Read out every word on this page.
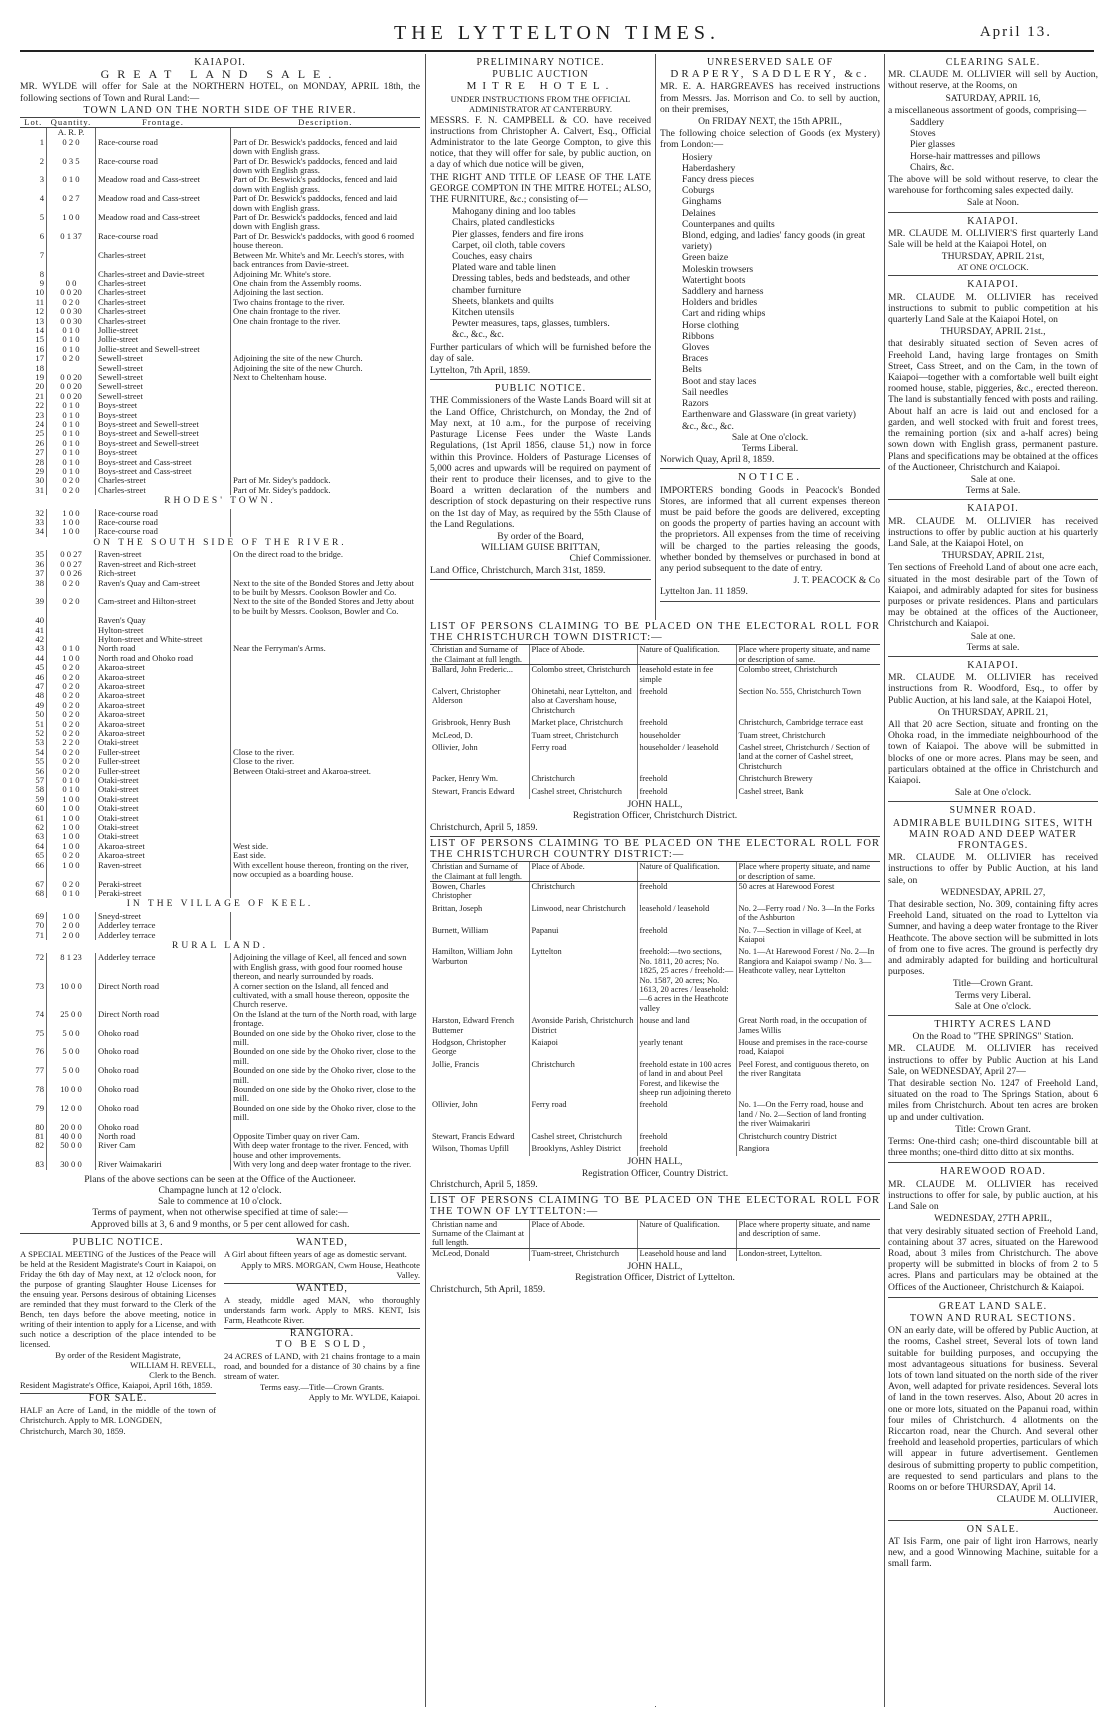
THE LYTTELTON TIMES.	April 13.
KAIAPOI.
GREAT LAND SALE.

MR. WYLDE will offer for Sale at the NORTHERN HOTEL, on MONDAY, APRIL 18th, the following sections of Town and Rural Land:—

TOWN LAND ON THE NORTH SIDE OF THE RIVER.
Lot.	Quantity.	Frontage.	Description.
	A. R. P.		
1	0 2 0	Race-course road	Part of Dr. Beswick's paddocks, fenced and laid down with English grass.
2	0 3 5	Race-course road	Part of Dr. Beswick's paddocks, fenced and laid down with English grass.
3	0 1 0	Meadow road and Cass-street	Part of Dr. Beswick's paddocks, fenced and laid down with English grass.
4	0 2 7	Meadow road and Cass-street	Part of Dr. Beswick's paddocks, fenced and laid down with English grass.
5	1 0 0	Meadow road and Cass-street	Part of Dr. Beswick's paddocks, fenced and laid down with English grass.
6	0 1 37	Race-course road	Part of Dr. Beswick's paddocks, with good 6 roomed house thereon.
7		Charles-street	Between Mr. White's and Mr. Leech's stores, with back entrances from Davie-street.
8		Charles-street and Davie-street	Adjoining Mr. White's store.
9	0 0	Charles-street	One chain from the Assembly rooms.
10	0 0 20	Charles-street	Adjoining the last section.
11	0 2 0	Charles-street	Two chains frontage to the river.
12	0 0 30	Charles-street	One chain frontage to the river.
13	0 0 30	Charles-street	One chain frontage to the river.
14	0 1 0	Jollie-street	
15	0 1 0	Jollie-street	
16	0 1 0	Jollie-street and Sewell-street	
17	0 2 0	Sewell-street	Adjoining the site of the new Church.
18		Sewell-street	Adjoining the site of the new Church.
19	0 0 20	Sewell-street	Next to Cheltenham house.
20	0 0 20	Sewell-street	
21	0 0 20	Sewell-street	
22	0 1 0	Boys-street	
23	0 1 0	Boys-street	
24	0 1 0	Boys-street and Sewell-street	
25	0 1 0	Boys-street and Sewell-street	
26	0 1 0	Boys-street and Sewell-street	
27	0 1 0	Boys-street	
28	0 1 0	Boys-street and Cass-street	
29	0 1 0	Boys-street and Cass-street	
30	0 2 0	Charles-street	Part of Mr. Sidey's paddock.
31	0 2 0	Charles-street	Part of Mr. Sidey's paddock.
RHODES' TOWN.			
32	1 0 0	Race-course road	
33	1 0 0	Race-course road	
34	1 0 0	Race-course road	
ON THE SOUTH SIDE OF THE RIVER.			
35	0 0 27	Raven-street	On the direct road to the bridge.
36	0 0 27	Raven-street and Rich-street	
37	0 0 26	Rich-street	
38	0 2 0	Raven's Quay and Cam-street	Next to the site of the Bonded Stores and Jetty about to be built by Messrs. Cookson Bowler and Co.
39	0 2 0	Cam-street and Hilton-street	Next to the site of the Bonded Stores and Jetty about to be built by Messrs. Cookson, Bowler and Co.
40		Raven's Quay	
41		Hylton-street	
42		Hylton-street and White-street	
43	0 1 0	North road	Near the Ferryman's Arms.
44	1 0 0	North road and Ohoko road	
45	0 2 0	Akaroa-street	
46	0 2 0	Akaroa-street	
47	0 2 0	Akaroa-street	
48	0 2 0	Akaroa-street	
49	0 2 0	Akaroa-street	
50	0 2 0	Akaroa-street	
51	0 2 0	Akaroa-street	
52	0 2 0	Akaroa-street	
53	2 2 0	Otaki-street	
54	0 2 0	Fuller-street	Close to the river.
55	0 2 0	Fuller-street	Close to the river.
56	0 2 0	Fuller-street	Between Otaki-street and Akaroa-street.
57	0 1 0	Otaki-street	
58	0 1 0	Otaki-street	
59	1 0 0	Otaki-street	
60	1 0 0	Otaki-street	
61	1 0 0	Otaki-street	
62	1 0 0	Otaki-street	
63	1 0 0	Otaki-street	
64	1 0 0	Akaroa-street	West side.
65	0 2 0	Akaroa-street	East side.
66	1 0 0	Raven-street	With excellent house thereon, fronting on the river, now occupied as a boarding house.
67	0 2 0	Peraki-street	
68	0 1 0	Peraki-street	
IN THE VILLAGE OF KEEL.			
69	1 0 0	Sneyd-street	
70	2 0 0	Adderley terrace	
71	2 0 0	Adderley terrace	
RURAL LAND.			
72	8 1 23	Adderley terrace	Adjoining the village of Keel, all fenced and sown with English grass, with good four roomed house thereon, and nearly surrounded by roads.
73	10 0 0	Direct North road	A corner section on the Island, all fenced and cultivated, with a small house thereon, opposite the Church reserve.
74	25 0 0	Direct North road	On the Island at the turn of the North road, with large frontage.
75	5 0 0	Ohoko road	Bounded on one side by the Ohoko river, close to the mill.
76	5 0 0	Ohoko road	Bounded on one side by the Ohoko river, close to the mill.
77	5 0 0	Ohoko road	Bounded on one side by the Ohoko river, close to the mill.
78	10 0 0	Ohoko road	Bounded on one side by the Ohoko river, close to the mill.
79	12 0 0	Ohoko road	Bounded on one side by the Ohoko river, close to the mill.
80	20 0 0	Ohoko road	
81	40 0 0	North road	Opposite Timber quay on river Cam.
82	50 0 0	River Cam	With deep water frontage to the river. Fenced, with house and other improvements.
83	30 0 0	River Waimakariri	With very long and deep water frontage to the river.
Plans of the above sections can be seen at the Office of the Auctioneer.
Champagne lunch at 12 o'clock.
Sale to commence at 10 o'clock.
Terms of payment, when not otherwise specified at time of sale:—
Approved bills at 3, 6 and 9 months, or 5 per cent allowed for cash.
PUBLIC NOTICE.

A SPECIAL MEETING of the Justices of the Peace will be held at the Resident Magistrate's Court in Kaiapoi, on Friday the 6th day of May next, at 12 o'clock noon, for the purpose of granting Slaughter House Licenses for the ensuing year. Persons desirous of obtaining Licenses are reminded that they must forward to the Clerk of the Bench, ten days before the above meeting, notice in writing of their intention to apply for a License, and with such notice a description of the place intended to be licensed.

By order of the Resident Magistrate,
WILLIAM H. REVELL,
Clerk to the Bench.
Resident Magistrate's Office, Kaiapoi, April 16th, 1859.
FOR SALE.

HALF an Acre of Land, in the middle of the town of Christchurch. Apply to MR. LONGDEN,

Christchurch, March 30, 1859.
WANTED,

A Girl about fifteen years of age as domestic servant.

Apply to MRS. MORGAN, Cwm House, Heathcote Valley.
WANTED,

A steady, middle aged MAN, who thoroughly understands farm work. Apply to MRS. KENT, Isis Farm, Heathcote River.

RANGIORA.
TO BE SOLD,

24 ACRES of LAND, with 21 chains frontage to a main road, and bounded for a distance of 30 chains by a fine stream of water.

Terms easy.—Title—Crown Grants.
Apply to Mr. WYLDE, Kaiapoi.
PRELIMINARY NOTICE.
PUBLIC AUCTION
MITRE HOTEL.
UNDER INSTRUCTIONS FROM THE OFFICIAL ADMINISTRATOR AT CANTERBURY.

MESSRS. F. N. CAMPBELL & CO. have received instructions from Christopher A. Calvert, Esq., Official Administrator to the late George Compton, to give this notice, that they will offer for sale, by public auction, on a day of which due notice will be given,

THE RIGHT AND TITLE OF LEASE OF THE LATE GEORGE COMPTON IN THE MITRE HOTEL; ALSO, THE FURNITURE, &c.; consisting of—

Mahogany dining and loo tables
Chairs, plated candlesticks
Pier glasses, fenders and fire irons
Carpet, oil cloth, table covers
Couches, easy chairs
Plated ware and table linen
Dressing tables, beds and bedsteads, and other chamber furniture
Sheets, blankets and quilts
Kitchen utensils
Pewter measures, taps, glasses, tumblers.
&c., &c., &c.

Further particulars of which will be furnished before the day of sale.

Lyttelton, 7th April, 1859.
PUBLIC NOTICE.

THE Commissioners of the Waste Lands Board will sit at the Land Office, Christchurch, on Monday, the 2nd of May next, at 10 a.m., for the purpose of receiving Pasturage License Fees under the Waste Lands Regulations, (1st April 1856, clause 51,) now in force within this Province. Holders of Pasturage Licenses of 5,000 acres and upwards will be required on payment of their rent to produce their licenses, and to give to the Board a written declaration of the numbers and description of stock depasturing on their respective runs on the 1st day of May, as required by the 55th Clause of the Land Regulations.

By order of the Board,
WILLIAM GUISE BRITTAN,
Chief Commissioner.
Land Office, Christchurch, March 31st, 1859.
UNRESERVED SALE OF
DRAPERY, SADDLERY, &c.

MR. E. A. HARGREAVES has received instructions from Messrs. Jas. Morrison and Co. to sell by auction, on their premises,

On FRIDAY NEXT, the 15th APRIL,

The following choice selection of Goods (ex Mystery) from London:—

Hosiery
Haberdashery
Fancy dress pieces
Coburgs
Ginghams
Delaines
Counterpanes and quilts
Blond, edging, and ladies' fancy goods (in great variety)
Green baize
Moleskin trowsers
Watertight boots
Saddlery and harness
Holders and bridles
Cart and riding whips
Horse clothing
Ribbons
Gloves
Braces
Belts
Boot and stay laces
Sail needles
Razors
Earthenware and Glassware (in great variety)
&c., &c., &c.
Sale at One o'clock.
Terms Liberal.
Norwich Quay, April 8, 1859.
NOTICE.

IMPORTERS bonding Goods in Peacock's Bonded Stores, are informed that all current expenses thereon must be paid before the goods are delivered, excepting on goods the property of parties having an account with the proprietors. All expenses from the time of receiving will be charged to the parties releasing the goods, whether bonded by themselves or purchased in bond at any period subsequent to the date of entry.

J. T. PEACOCK & Co
Lyttelton Jan. 11 1859.
CLEARING SALE.

MR. CLAUDE M. OLLIVIER will sell by Auction, without reserve, at the Rooms, on

SATURDAY, APRIL 16,

a miscellaneous assortment of goods, comprising—

Saddlery
Stoves
Pier glasses
Horse-hair mattresses and pillows
Chairs, &c.

The above will be sold without reserve, to clear the warehouse for forthcoming sales expected daily.

Sale at Noon.
KAIAPOI.

MR. CLAUDE M. OLLIVIER'S first quarterly Land Sale will be held at the Kaiapoi Hotel, on

THURSDAY, APRIL 21st,
AT ONE O'CLOCK.
KAIAPOI.

MR. CLAUDE M. OLLIVIER has received instructions to submit to public competition at his quarterly Land Sale at the Kaiapoi Hotel, on

THURSDAY, APRIL 21st.,

that desirably situated section of Seven acres of Freehold Land, having large frontages on Smith Street, Cass Street, and on the Cam, in the town of Kaiapoi—together with a comfortable well built eight roomed house, stable, piggeries, &c., erected thereon. The land is substantially fenced with posts and railing. About half an acre is laid out and enclosed for a garden, and well stocked with fruit and forest trees, the remaining portion (six and a-half acres) being sown down with English grass, permanent pasture. Plans and specifications may be obtained at the offices of the Auctioneer, Christchurch and Kaiapoi.

Sale at one.
Terms at Sale.
KAIAPOI.

MR. CLAUDE M. OLLIVIER has received instructions to offer by public auction at his quarterly Land Sale, at the Kaiapoi Hotel, on

THURSDAY, APRIL 21st,

Ten sections of Freehold Land of about one acre each, situated in the most desirable part of the Town of Kaiapoi, and admirably adapted for sites for business purposes or private residences. Plans and particulars may be obtained at the offices of the Auctioneer, Christchurch and Kaiapoi.

Sale at one.
Terms at sale.
KAIAPOI.

MR. CLAUDE M. OLLIVIER has received instructions from R. Woodford, Esq., to offer by Public Auction, at his land sale, at the Kaiapoi Hotel,

On THURSDAY, APRIL 21,

All that 20 acre Section, situate and fronting on the Ohoka road, in the immediate neighbourhood of the town of Kaiapoi. The above will be submitted in blocks of one or more acres. Plans may be seen, and particulars obtained at the office in Christchurch and Kaiapoi.

Sale at One o'clock.
SUMNER ROAD.
ADMIRABLE BUILDING SITES, WITH MAIN ROAD AND DEEP WATER FRONTAGES.

MR. CLAUDE M. OLLIVIER has received instructions to offer by Public Auction, at his land sale, on

WEDNESDAY, APRIL 27,

That desirable section, No. 309, containing fifty acres Freehold Land, situated on the road to Lyttelton via Sumner, and having a deep water frontage to the River Heathcote. The above section will be submitted in lots of from one to five acres. The ground is perfectly dry and admirably adapted for building and horticultural purposes.

Title—Crown Grant.
Terms very Liberal.
Sale at One o'clock.
THIRTY ACRES LAND
On the Road to "THE SPRINGS" Station.

MR. CLAUDE M. OLLIVIER has received instructions to offer by Public Auction at his Land Sale, on WEDNESDAY, April 27—

That desirable section No. 1247 of Freehold Land, situated on the road to The Springs Station, about 6 miles from Christchurch. About ten acres are broken up and under cultivation.

Title: Crown Grant.

Terms: One-third cash; one-third discountable bill at three months; one-third ditto ditto at six months.

HAREWOOD ROAD.

MR. CLAUDE M. OLLIVIER has received instructions to offer for sale, by public auction, at his Land Sale on

WEDNESDAY, 27TH APRIL,

that very desirably situated section of Freehold Land, containing about 37 acres, situated on the Harewood Road, about 3 miles from Christchurch. The above property will be submitted in blocks of from 2 to 5 acres. Plans and particulars may be obtained at the Offices of the Auctioneer, Christchurch & Kaiapoi.

GREAT LAND SALE.
TOWN AND RURAL SECTIONS.

ON an early date, will be offered by Public Auction, at the rooms, Cashel street, Several lots of town land suitable for building purposes, and occupying the most advantageous situations for business. Several lots of town land situated on the north side of the river Avon, well adapted for private residences. Several lots of land in the town reserves. Also, About 20 acres in one or more lots, situated on the Papanui road, within four miles of Christchurch. 4 allotments on the Riccarton road, near the Church. And several other freehold and leasehold properties, particulars of which will appear in future advertisement. Gentlemen desirous of submitting property to public competition, are requested to send particulars and plans to the Rooms on or before THURSDAY, April 14.

CLAUDE M. OLLIVIER,
Auctioneer.
ON SALE.

AT Isis Farm, one pair of light iron Harrows, nearly new, and a good Winnowing Machine, suitable for a small farm.

LIST OF PERSONS CLAIMING TO BE PLACED ON THE ELECTORAL ROLL FOR THE CHRISTCHURCH TOWN DISTRICT:—

Christian and Surname of the Claimant at full length.	Place of Abode.	Nature of Qualification.	Place where property situate, and name or description of same.
Ballard, John Frederic...	Colombo street, Christchurch	leasehold estate in fee simple	Colombo street, Christchurch
Calvert, Christopher Alderson	Ohinetahi, near Lyttelton, and also at Caversham house, Christchurch	freehold	Section No. 555, Christchurch Town
Grisbrook, Henry Bush	Market place, Christchurch	freehold	Christchurch, Cambridge terrace east
McLeod, D.	Tuam street, Christchurch	householder	Tuam street, Christchurch
Ollivier, John	Ferry road	householder / leasehold	Cashel street, Christchurch / Section of land at the corner of Cashel street, Christchurch
Packer, Henry Wm.	Christchurch	freehold	Christchurch Brewery
Stewart, Francis Edward	Cashel street, Christchurch	freehold	Cashel street, Bank
JOHN HALL,
Registration Officer, Christchurch District.
Christchurch, April 5, 1859.

LIST OF PERSONS CLAIMING TO BE PLACED ON THE ELECTORAL ROLL FOR THE CHRISTCHURCH COUNTRY DISTRICT:—

Christian and Surname of the Claimant at full length.	Place of Abode.	Nature of Qualification.	Place where property situate, and name or description of same.
Bowen, Charles Christopher	Christchurch	freehold	50 acres at Harewood Forest
Brittan, Joseph	Linwood, near Christchurch	leasehold / leasehold	No. 2—Ferry road / No. 3—In the Forks of the Ashburton
Burnett, William	Papanui	freehold	No. 7—Section in village of Keel, at Kaiapoi
Hamilton, William John Warburton	Lyttelton	freehold:—two sections, No. 1811, 20 acres; No. 1825, 25 acres / freehold:—No. 1587, 20 acres; No. 1613, 20 acres / leasehold:—6 acres in the Heathcote valley	No. 1—At Harewood Forest / No. 2—In Rangiora and Kaiapoi swamp / No. 3—Heathcote valley, near Lyttelton
Harston, Edward French Buttemer	Avonside Parish, Christchurch District	house and land	Great North road, in the occupation of James Willis
Hodgson, Christopher George	Kaiapoi	yearly tenant	House and premises in the race-course road, Kaiapoi
Jollie, Francis	Christchurch	freehold estate in 100 acres of land in and about Peel Forest, and likewise the sheep run adjoining thereto	Peel Forest, and contiguous thereto, on the river Rangitata
Ollivier, John	Ferry road	freehold	No. 1—On the Ferry road, house and land / No. 2—Section of land fronting the river Waimakariri
Stewart, Francis Edward	Cashel street, Christchurch	freehold	Christchurch country District
Wilson, Thomas Upfill	Brooklyns, Ashley District	freehold	Rangiora
JOHN HALL,
Registration Officer, Country District.
Christchurch, April 5, 1859.

LIST OF PERSONS CLAIMING TO BE PLACED ON THE ELECTORAL ROLL FOR THE TOWN OF LYTTELTON:—

Christian name and Surname of the Claimant at full length.	Place of Abode.	Nature of Qualification.	Place where property situate, and name and description of same.
McLeod, Donald	Tuam-street, Christchurch	Leasehold house and land	London-street, Lyttelton.
JOHN HALL,
Registration Officer, District of Lyttelton.
Christchurch, 5th April, 1859.
